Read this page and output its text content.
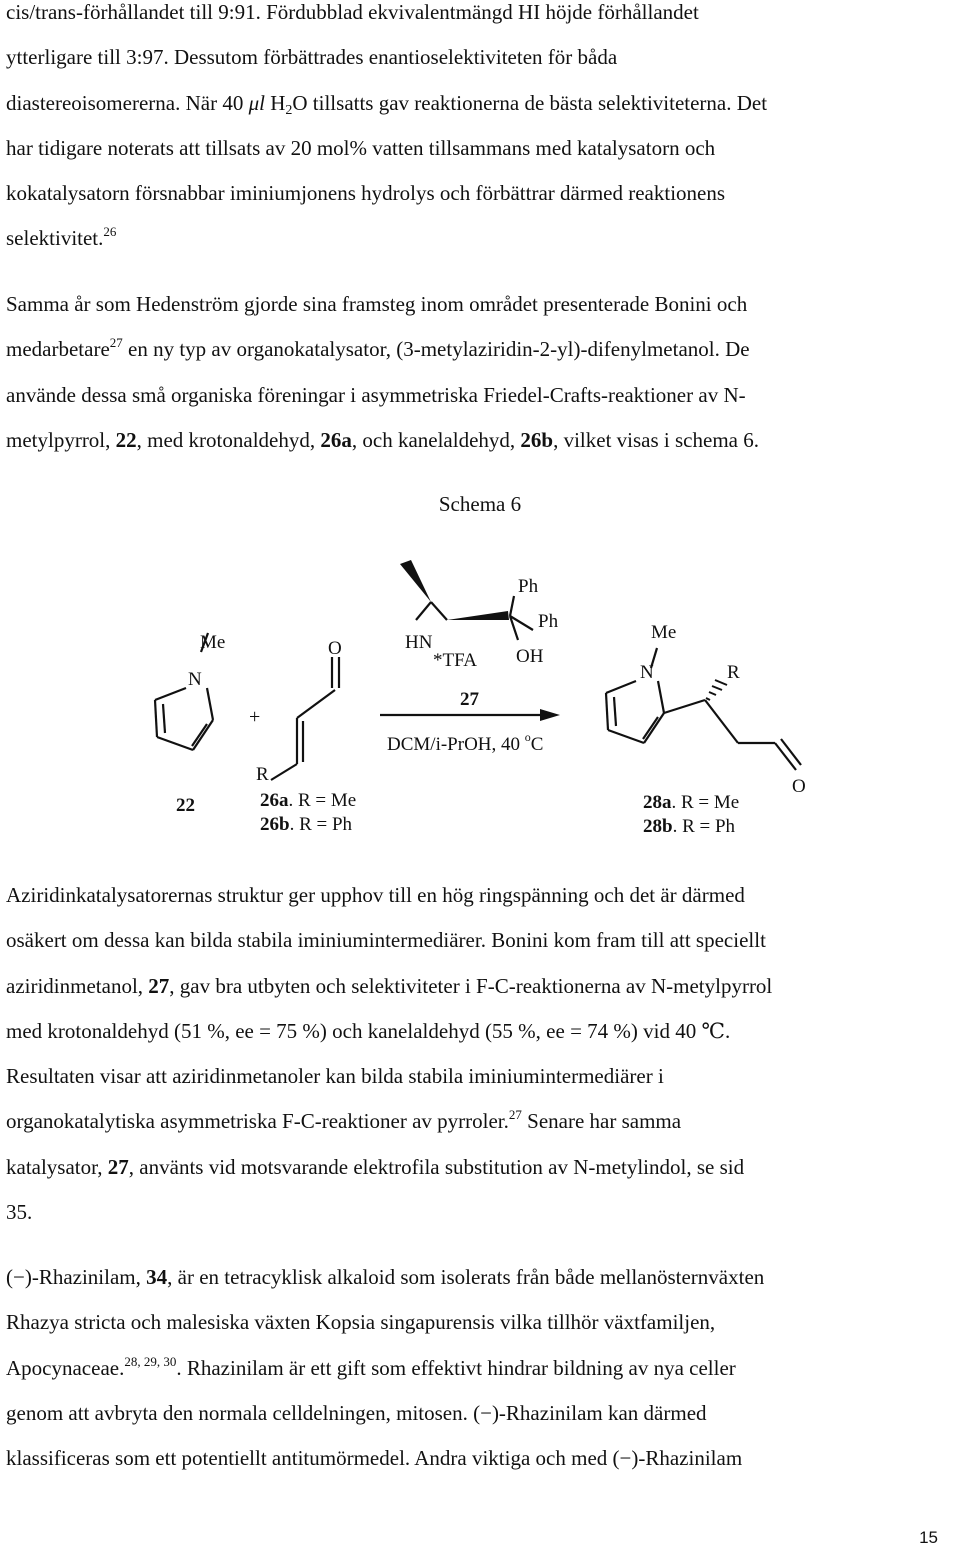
cis/trans-förhållandet till 9:91. Fördubblad ekvivalentmängd HI höjde förhållandet
ytterligare till 3:97. Dessutom förbättrades enantioselektiviteten för båda
diastereoisomererna. När 40 μl $H_2O$ tillsatts gav reaktionerna de bästa selektiviteterna. Det
har tidigare noterats att tillsats av 20 mol% vatten tillsammans med katalysatorn och
kokatalysatorn försnabbar iminiumjonens hydrolys och förbättrar därmed reaktionens
selektivitet.$^{26}$
Samma år som Hedenström gjorde sina framsteg inom området presenterade Bonini och
medarbetare$^{27}$ en ny typ av organokatalysator, (3-metylaziridin-2-yl)-difenylmetanol. De
använde dessa små organiska föreningar i asymmetriska Friedel-Crafts-reaktioner av N-
metylpyrrol, 22, med krotonaldehyd, 26a, och kanelaldehyd, 26b, vilket visas i schema 6.
Schema 6
Me
N
+
O
R
22	26a. R = Me
26b. R = Ph
Ph
Ph
HN
*TFA OH
27
DCM/i-PrOH, 40 $^o$C
Me
N	R
O
28a. R = Me
28b. R = Ph
Aziridinkatalysatorernas struktur ger upphov till en hög ringspänning och det är därmed
osäkert om dessa kan bilda stabila iminiumintermediärer. Bonini kom fram till att speciellt
aziridinmetanol, 27, gav bra utbyten och selektiviteter i F-C-reaktionerna av N-metylpyrrol
med krotonaldehyd (51 %, ee = 75 %) och kanelaldehyd (55 %, ee = 74 %) vid 40 ℃.
Resultaten visar att aziridinmetanoler kan bilda stabila iminiumintermediärer i
organokatalytiska asymmetriska F-C-reaktioner av pyrroler.$^{27}$ Senare har samma
katalysator, 27, använts vid motsvarande elektrofila substitution av N-metylindol, se sid
35.
(−)-Rhazinilam, 34, är en tetracyklisk alkaloid som isolerats från både mellanösternväxten
Rhazya stricta och malesiska växten Kopsia singapurensis vilka tillhör växtfamiljen,
Apocynaceae.$^{28, 29, 30}$. Rhazinilam är ett gift som effektivt hindrar bildning av nya celler
genom att avbryta den normala celldelningen, mitosen. (−)-Rhazinilam kan därmed
klassificeras som ett potentiellt antitumörmedel. Andra viktiga och med (−)-Rhazinilam
15
